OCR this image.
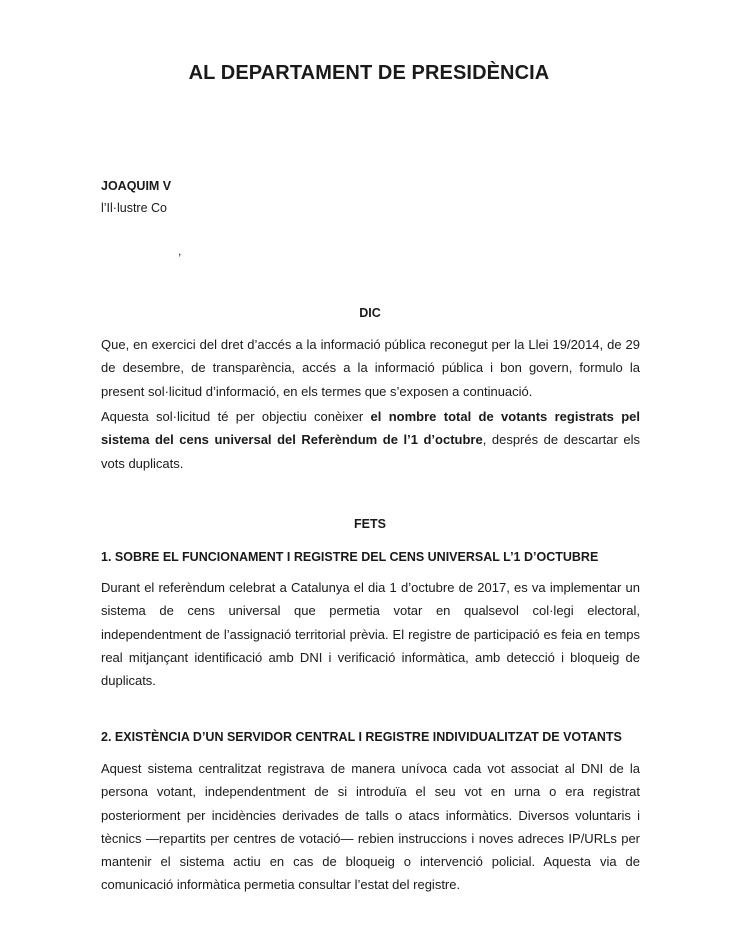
AL DEPARTAMENT DE PRESIDÈNCIA
JOAQUIM V
l’Il·lustre Co
,
DIC
Que, en exercici del dret d’accés a la informació pública reconegut per la Llei 19/2014, de 29 de desembre, de transparència, accés a la informació pública i bon govern, formulo la present sol·licitud d’informació, en els termes que s’exposen a continuació.
Aquesta sol·licitud té per objectiu conèixer el nombre total de votants registrats pel sistema del cens universal del Referèndum de l’1 d’octubre, després de descartar els vots duplicats.
FETS
1. SOBRE EL FUNCIONAMENT I REGISTRE DEL CENS UNIVERSAL L’1 D’OCTUBRE
Durant el referèndum celebrat a Catalunya el dia 1 d’octubre de 2017, es va implementar un sistema de cens universal que permetia votar en qualsevol col·legi electoral, independentment de l’assignació territorial prèvia. El registre de participació es feia en temps real mitjançant identificació amb DNI i verificació informàtica, amb detecció i bloqueig de duplicats.
2. EXISTÈNCIA D’UN SERVIDOR CENTRAL I REGISTRE INDIVIDUALITZAT DE VOTANTS
Aquest sistema centralitzat registrava de manera unívoca cada vot associat al DNI de la persona votant, independentment de si introduïa el seu vot en urna o era registrat posteriorment per incidències derivades de talls o atacs informàtics. Diversos voluntaris i tècnics —repartits per centres de votació— rebien instruccions i noves adreces IP/URLs per mantenir el sistema actiu en cas de bloqueig o intervenció policial. Aquesta via de comunicació informàtica permetia consultar l’estat del registre.
